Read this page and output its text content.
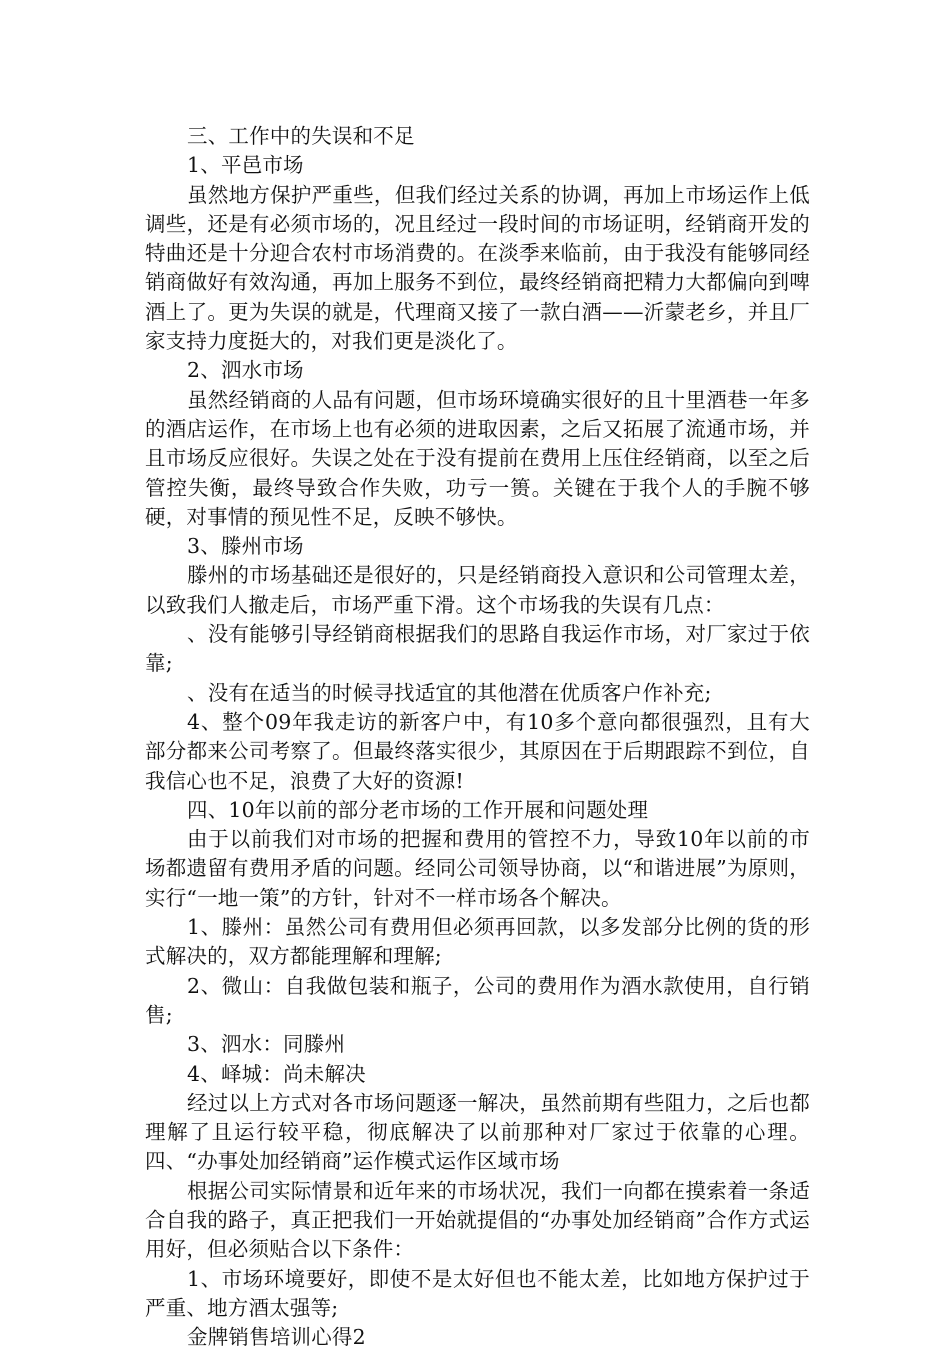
三、工作中的失误和不足

1、平邑市场

虽然地方保护严重些，但我们经过关系的协调，再加上市场运作上低调些，还是有必须市场的，况且经过一段时间的市场证明，经销商开发的特曲还是十分迎合农村市场消费的。在淡季来临前，由于我没有能够同经销商做好有效沟通，再加上服务不到位，最终经销商把精力大都偏向到啤酒上了。更为失误的就是，代理商又接了一款白酒——沂蒙老乡，并且厂家支持力度挺大的，对我们更是淡化了。

2、泗水市场

虽然经销商的人品有问题，但市场环境确实很好的且十里酒巷一年多的酒店运作，在市场上也有必须的进取因素，之后又拓展了流通市场，并且市场反应很好。失误之处在于没有提前在费用上压住经销商，以至之后管控失衡，最终导致合作失败，功亏一篑。关键在于我个人的手腕不够硬，对事情的预见性不足，反映不够快。

3、滕州市场

滕州的市场基础还是很好的，只是经销商投入意识和公司管理太差，以致我们人撤走后，市场严重下滑。这个市场我的失误有几点：

、没有能够引导经销商根据我们的思路自我运作市场，对厂家过于依靠;

、没有在适当的时候寻找适宜的其他潜在优质客户作补充;

4、整个09年我走访的新客户中，有10多个意向都很强烈，且有大部分都来公司考察了。但最终落实很少，其原因在于后期跟踪不到位，自我信心也不足，浪费了大好的资源!

四、10年以前的部分老市场的工作开展和问题处理

由于以前我们对市场的把握和费用的管控不力，导致10年以前的市场都遗留有费用矛盾的问题。经同公司领导协商，以“和谐进展”为原则，实行“一地一策”的方针，针对不一样市场各个解决。

1、滕州：虽然公司有费用但必须再回款，以多发部分比例的货的形式解决的，双方都能理解和理解;

2、微山：自我做包装和瓶子，公司的费用作为酒水款使用，自行销售;

3、泗水：同滕州

4、峄城：尚未解决

经过以上方式对各市场问题逐一解决，虽然前期有些阻力，之后也都理解了且运行较平稳，彻底解决了以前那种对厂家过于依靠的心理。四、“办事处加经销商”运作模式运作区域市场

根据公司实际情景和近年来的市场状况，我们一向都在摸索着一条适合自我的路子，真正把我们一开始就提倡的“办事处加经销商”合作方式运用好，但必须贴合以下条件：

1、市场环境要好，即使不是太好但也不能太差，比如地方保护过于严重、地方酒太强等;

金牌销售培训心得2
